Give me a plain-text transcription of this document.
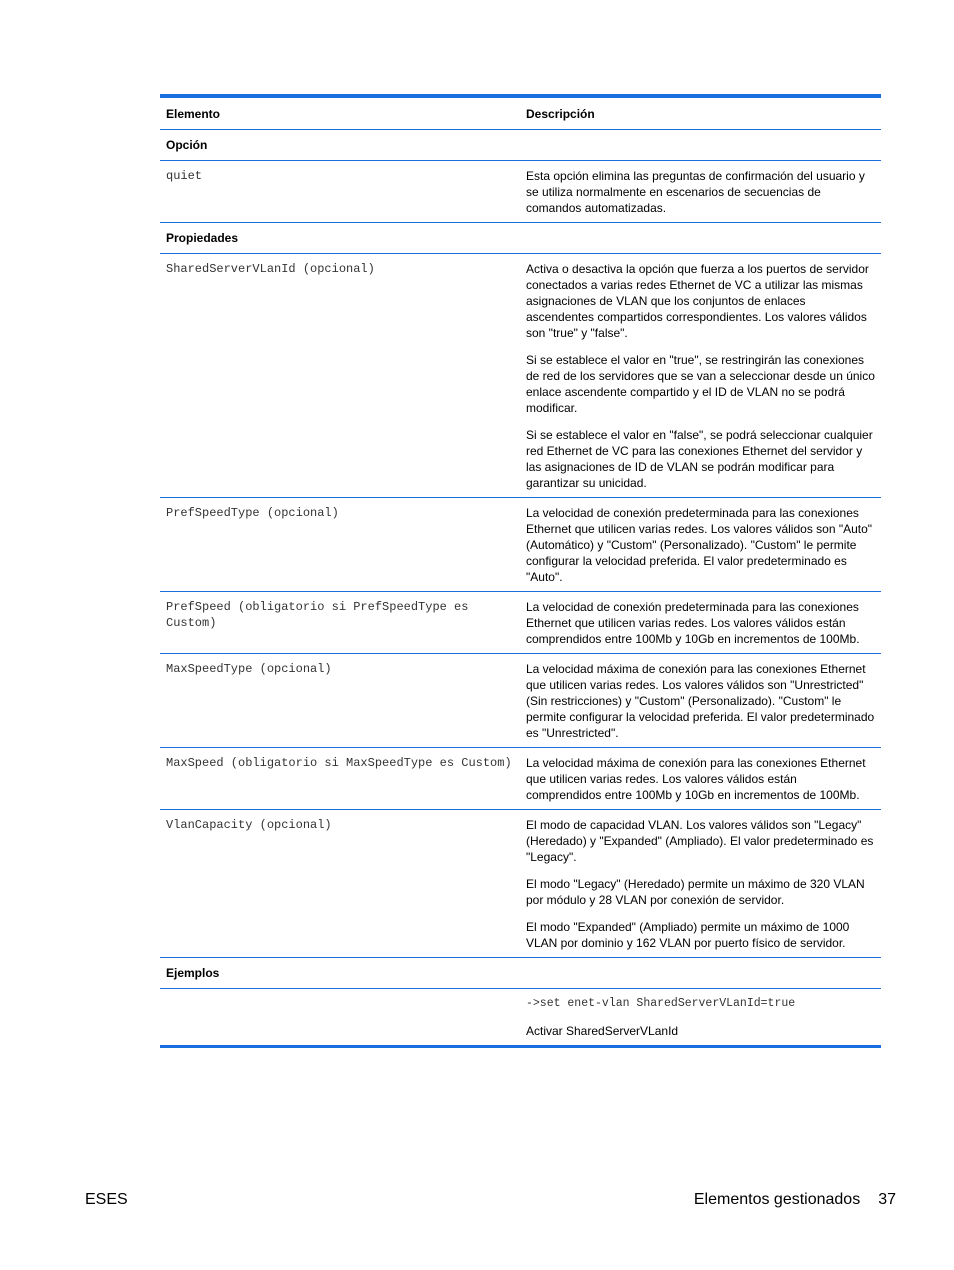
Elemento	Descripción
Opción	
quiet	Esta opción elimina las preguntas de confirmación del usuario y se utiliza normalmente en escenarios de secuencias de comandos automatizadas.

Propiedades	
SharedServerVLanId (opcional)	Activa o desactiva la opción que fuerza a los puertos de servidor conectados a varias redes Ethernet de VC a utilizar las mismas asignaciones de VLAN que los conjuntos de enlaces ascendentes compartidos correspondientes. Los valores válidos son "true" y "false".

Si se establece el valor en "true", se restringirán las conexiones de red de los servidores que se van a seleccionar desde un único enlace ascendente compartido y el ID de VLAN no se podrá modificar.

Si se establece el valor en "false", se podrá seleccionar cualquier red Ethernet de VC para las conexiones Ethernet del servidor y las asignaciones de ID de VLAN se podrán modificar para garantizar su unicidad.

PrefSpeedType (opcional)	La velocidad de conexión predeterminada para las conexiones Ethernet que utilicen varias redes. Los valores válidos son "Auto" (Automático) y "Custom" (Personalizado). "Custom" le permite configurar la velocidad preferida. El valor predeterminado es "Auto".

PrefSpeed (obligatorio si PrefSpeedType es Custom)	La velocidad de conexión predeterminada para las conexiones Ethernet que utilicen varias redes. Los valores válidos están comprendidos entre 100Mb y 10Gb en incrementos de 100Mb.

MaxSpeedType (opcional)	La velocidad máxima de conexión para las conexiones Ethernet que utilicen varias redes. Los valores válidos son "Unrestricted" (Sin restricciones) y "Custom" (Personalizado). "Custom" le permite configurar la velocidad preferida. El valor predeterminado es "Unrestricted".

MaxSpeed (obligatorio si MaxSpeedType es Custom)	La velocidad máxima de conexión para las conexiones Ethernet que utilicen varias redes. Los valores válidos están comprendidos entre 100Mb y 10Gb en incrementos de 100Mb.

VlanCapacity (opcional)	El modo de capacidad VLAN. Los valores válidos son "Legacy" (Heredado) y "Expanded" (Ampliado). El valor predeterminado es "Legacy".

El modo "Legacy" (Heredado) permite un máximo de 320 VLAN por módulo y 28 VLAN por conexión de servidor.

El modo "Expanded" (Ampliado) permite un máximo de 1000 VLAN por dominio y 162 VLAN por puerto físico de servidor.

Ejemplos	

	->set enet-vlan SharedServerVLanId=true

Activar SharedServerVLanId

ESES	Elementos gestionados 37
